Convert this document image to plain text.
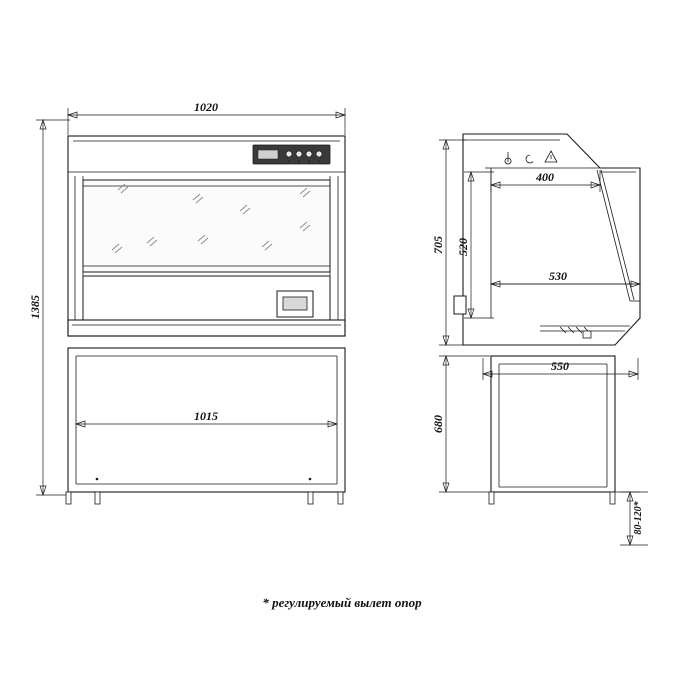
1020
1385
1015
400
705 520
530
550
680
80-120*
* регулируемый вылет опор
